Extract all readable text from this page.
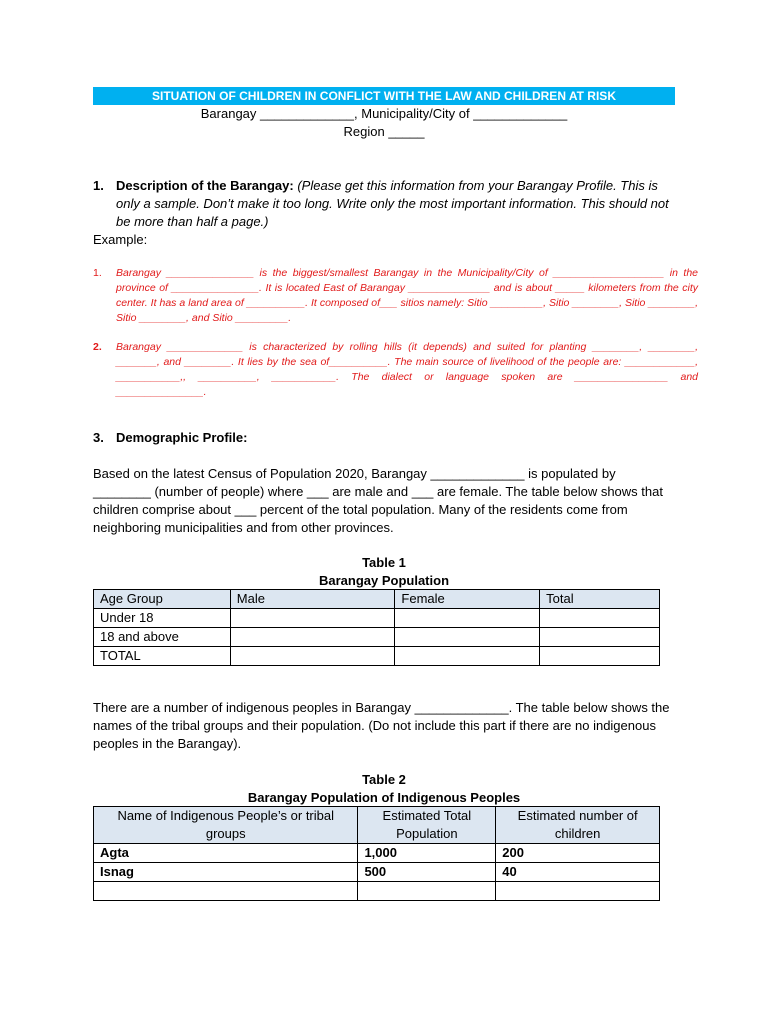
SITUATION OF CHILDREN IN CONFLICT WITH THE LAW AND CHILDREN AT RISK
Barangay _____________, Municipality/City of _____________
Region _____
1. Description of the Barangay: (Please get this information from your Barangay Profile. This is only a sample. Don’t make it too long. Write only the most important information. This should not be more than half a page.)
Example:
1. Barangay _______________ is the biggest/smallest Barangay in the Municipality/City of ___________________ in the province of _______________. It is located East of Barangay ______________ and is about _____ kilometers from the city center. It has a land area of __________. It composed of___ sitios namely: Sitio _________, Sitio ________, Sitio ________, Sitio ________, and Sitio _________.
2. Barangay _____________ is characterized by rolling hills (it depends) and suited for planting ________, ________, _______, and ________. It lies by the sea of__________. The main source of livelihood of the people are: ____________, ___________,, __________, ___________. The dialect or language spoken are ________________ and _______________.
3. Demographic Profile:
Based on the latest Census of Population 2020, Barangay _____________ is populated by ________ (number of people) where ___ are male and ___ are female. The table below shows that children comprise about ___ percent of the total population. Many of the residents come from neighboring municipalities and from other provinces.
Table 1
Barangay Population
Age Group	Male	Female	Total
Under 18			
18 and above			
TOTAL			
There are a number of indigenous peoples in Barangay _____________. The table below shows the names of the tribal groups and their population. (Do not include this part if there are no indigenous peoples in the Barangay).
Table 2
Barangay Population of Indigenous Peoples
Name of Indigenous People’s or tribal groups	Estimated Total Population	Estimated number of children
Agta	1,000	200
Isnag	500	40
